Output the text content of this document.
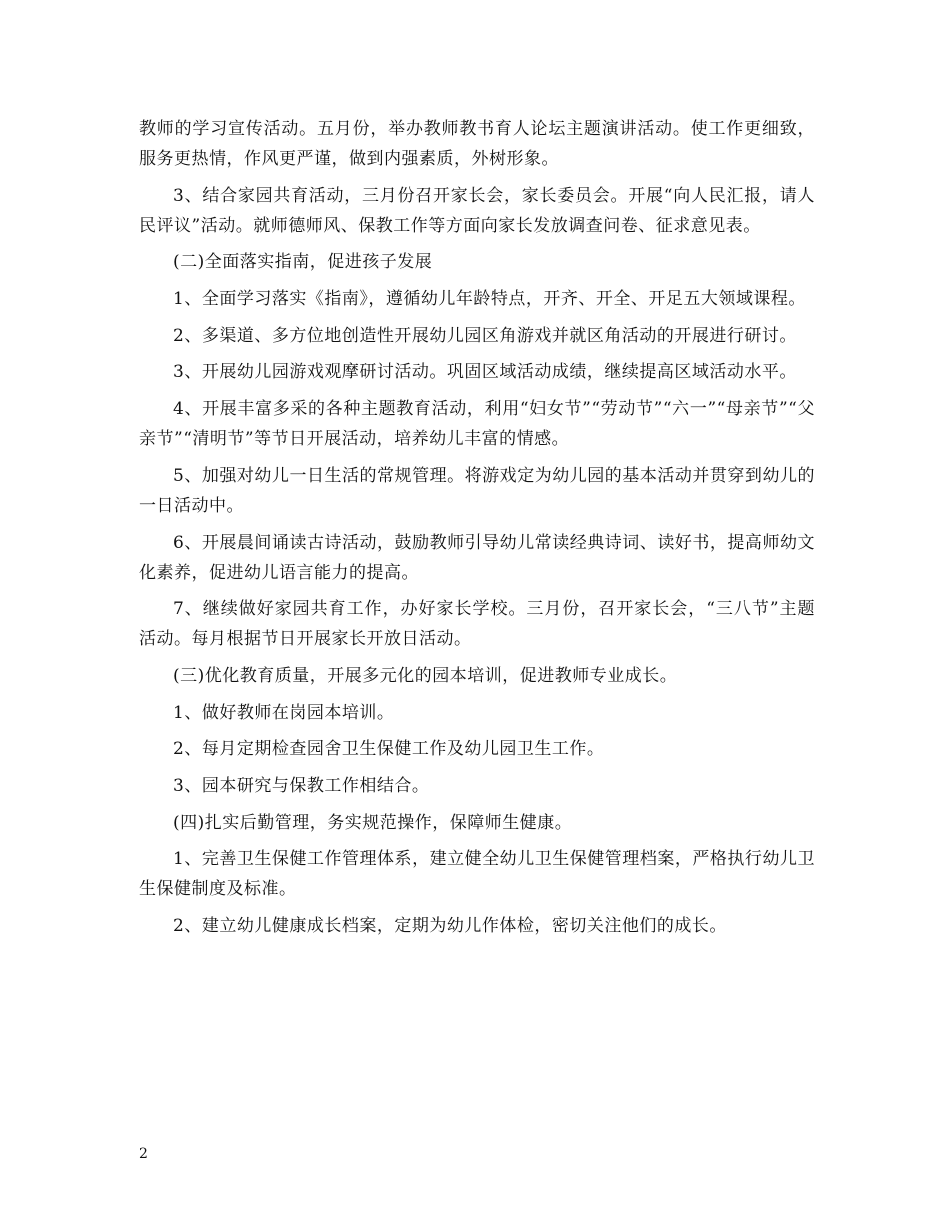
教师的学习宣传活动。五月份，举办教师教书育人论坛主题演讲活动。使工作更细致，服务更热情，作风更严谨，做到内强素质，外树形象。

3、结合家园共育活动，三月份召开家长会，家长委员会。开展“向人民汇报，请人民评议”活动。就师德师风、保教工作等方面向家长发放调查问卷、征求意见表。

(二)全面落实指南，促进孩子发展

1、全面学习落实《指南》，遵循幼儿年龄特点，开齐、开全、开足五大领域课程。

2、多渠道、多方位地创造性开展幼儿园区角游戏并就区角活动的开展进行研讨。

3、开展幼儿园游戏观摩研讨活动。巩固区域活动成绩，继续提高区域活动水平。

4、开展丰富多采的各种主题教育活动，利用“妇女节”“劳动节”“六一”“母亲节”“父亲节”“清明节”等节日开展活动，培养幼儿丰富的情感。

5、加强对幼儿一日生活的常规管理。将游戏定为幼儿园的基本活动并贯穿到幼儿的一日活动中。

6、开展晨间诵读古诗活动，鼓励教师引导幼儿常读经典诗词、读好书，提高师幼文化素养，促进幼儿语言能力的提高。

7、继续做好家园共育工作，办好家长学校。三月份，召开家长会，“三八节”主题活动。每月根据节日开展家长开放日活动。

(三)优化教育质量，开展多元化的园本培训，促进教师专业成长。

1、做好教师在岗园本培训。

2、每月定期检查园舍卫生保健工作及幼儿园卫生工作。

3、园本研究与保教工作相结合。

(四)扎实后勤管理，务实规范操作，保障师生健康。

1、完善卫生保健工作管理体系，建立健全幼儿卫生保健管理档案，严格执行幼儿卫生保健制度及标准。

2、建立幼儿健康成长档案，定期为幼儿作体检，密切关注他们的成长。

2
